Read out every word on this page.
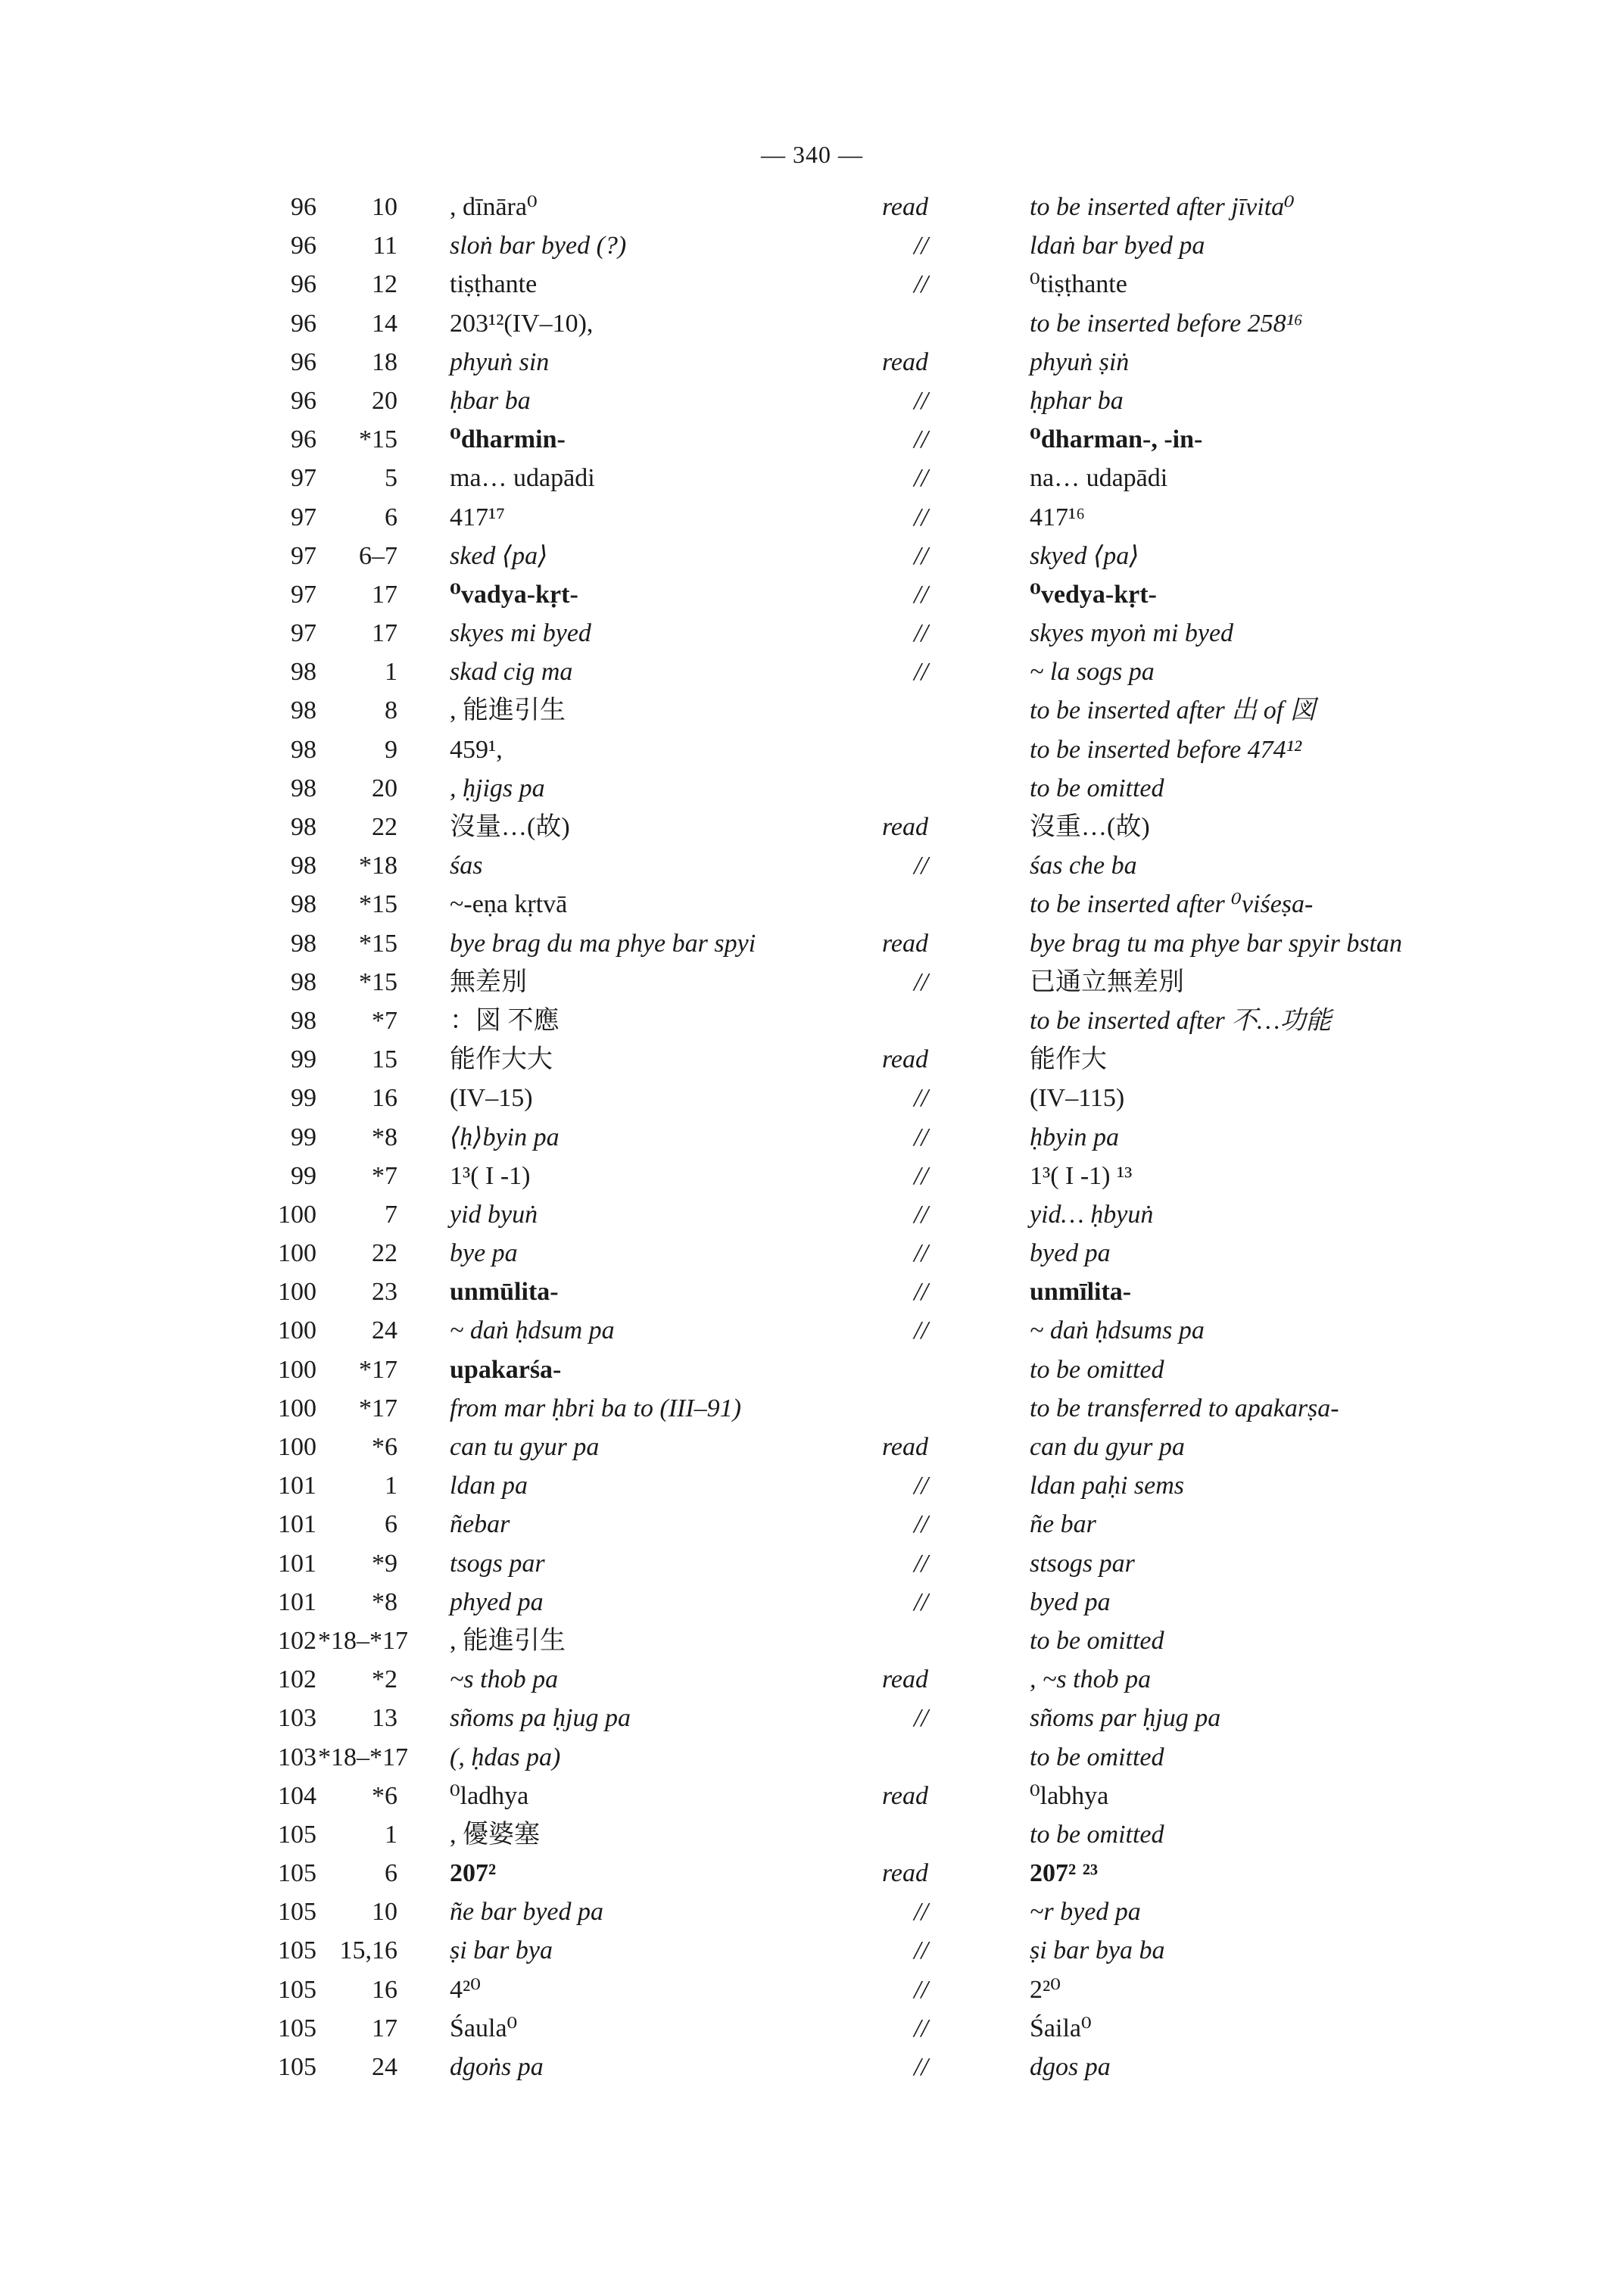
— 340 —
96	10 , dīnāra⁰	read	to be inserted after jīvita⁰
96	11 sloṅ bar byed (?)	//	ldaṅ bar byed pa
96	12 tiṣṭhante	//	⁰tiṣṭhante
96	14 203¹²(IV–10),	to be inserted before 258¹⁶
96	18 phyuṅ sin	read	phyuṅ ṣiṅ
96	20 ḥbar ba	//	ḥphar ba
96	*15 ⁰dharmin-	//	⁰dharman-, -in-
97	5 ma… udapādi	//	na… udapādi
97	6 417¹⁷	//	417¹⁶
97	6–7 sked ⟨pa⟩	//	skyed ⟨pa⟩
97	17 ⁰vadya-kṛt-	//	⁰vedya-kṛt-
97	17 skyes mi byed	//	skyes myoṅ mi byed
98	1 skad cig ma	//	~ la sogs pa
98	8 , 能進引生	to be inserted after 出 of 図
98	9 459¹,	to be inserted before 474¹²
98	20 , ḥjigs pa	to be omitted
98	22 沒量…(故)	read	沒重…(故)
98	*18 śas	//	śas che ba
98	*15 ~-eṇa kṛtvā	to be inserted after ⁰viśeṣa-
98	*15 bye brag du ma phye bar spyi	read	bye brag tu ma phye bar spyir bstan
98	*15 無差別	//	已通立無差別
98	*7 ：図 不應	to be inserted after 不…功能
99	15 能作大大	read	能作大
99	16 (IV–15)	//	(IV–115)
99	*8 ⟨ḥ⟩byin pa	//	ḥbyin pa
99	*7 1³( I -1)	//	1³( I -1) ¹³
100	7 yid byuṅ	//	yid… ḥbyuṅ
100	22 bye pa	//	byed pa
100	23 unmūlita-	//	unmīlita-
100	24 ~ daṅ ḥdsum pa	//	~ daṅ ḥdsums pa
100	*17 upakarśa-	to be omitted
100	*17 from mar ḥbri ba to (III–91)	to be transferred to apakarṣa-
100	*6 can tu gyur pa	read	can du gyur pa
101	1 ldan pa	//	ldan paḥi sems
101	6 ñebar	//	ñe bar
101	*9 tsogs par	//	stsogs par
101	*8 phyed pa	//	byed pa
102 *18–*17 , 能進引生	to be omitted
102	*2 ~s thob pa	read	, ~s thob pa
103	13 sñoms pa ḥjug pa	//	sñoms par ḥjug pa
103 *18–*17 (, ḥdas pa)	to be omitted
104	*6 ⁰ladhya	read	⁰labhya
105	1 , 優婆塞	to be omitted
105	6 207²	read	207² ²³
105	10 ñe bar byed pa	//	~r byed pa
105 15,16 ṣi bar bya	//	ṣi bar bya ba
105	16 4²⁰	//	2²⁰
105	17 Śaula⁰	//	Śaila⁰
105	24 dgoṅs pa	//	dgos pa
